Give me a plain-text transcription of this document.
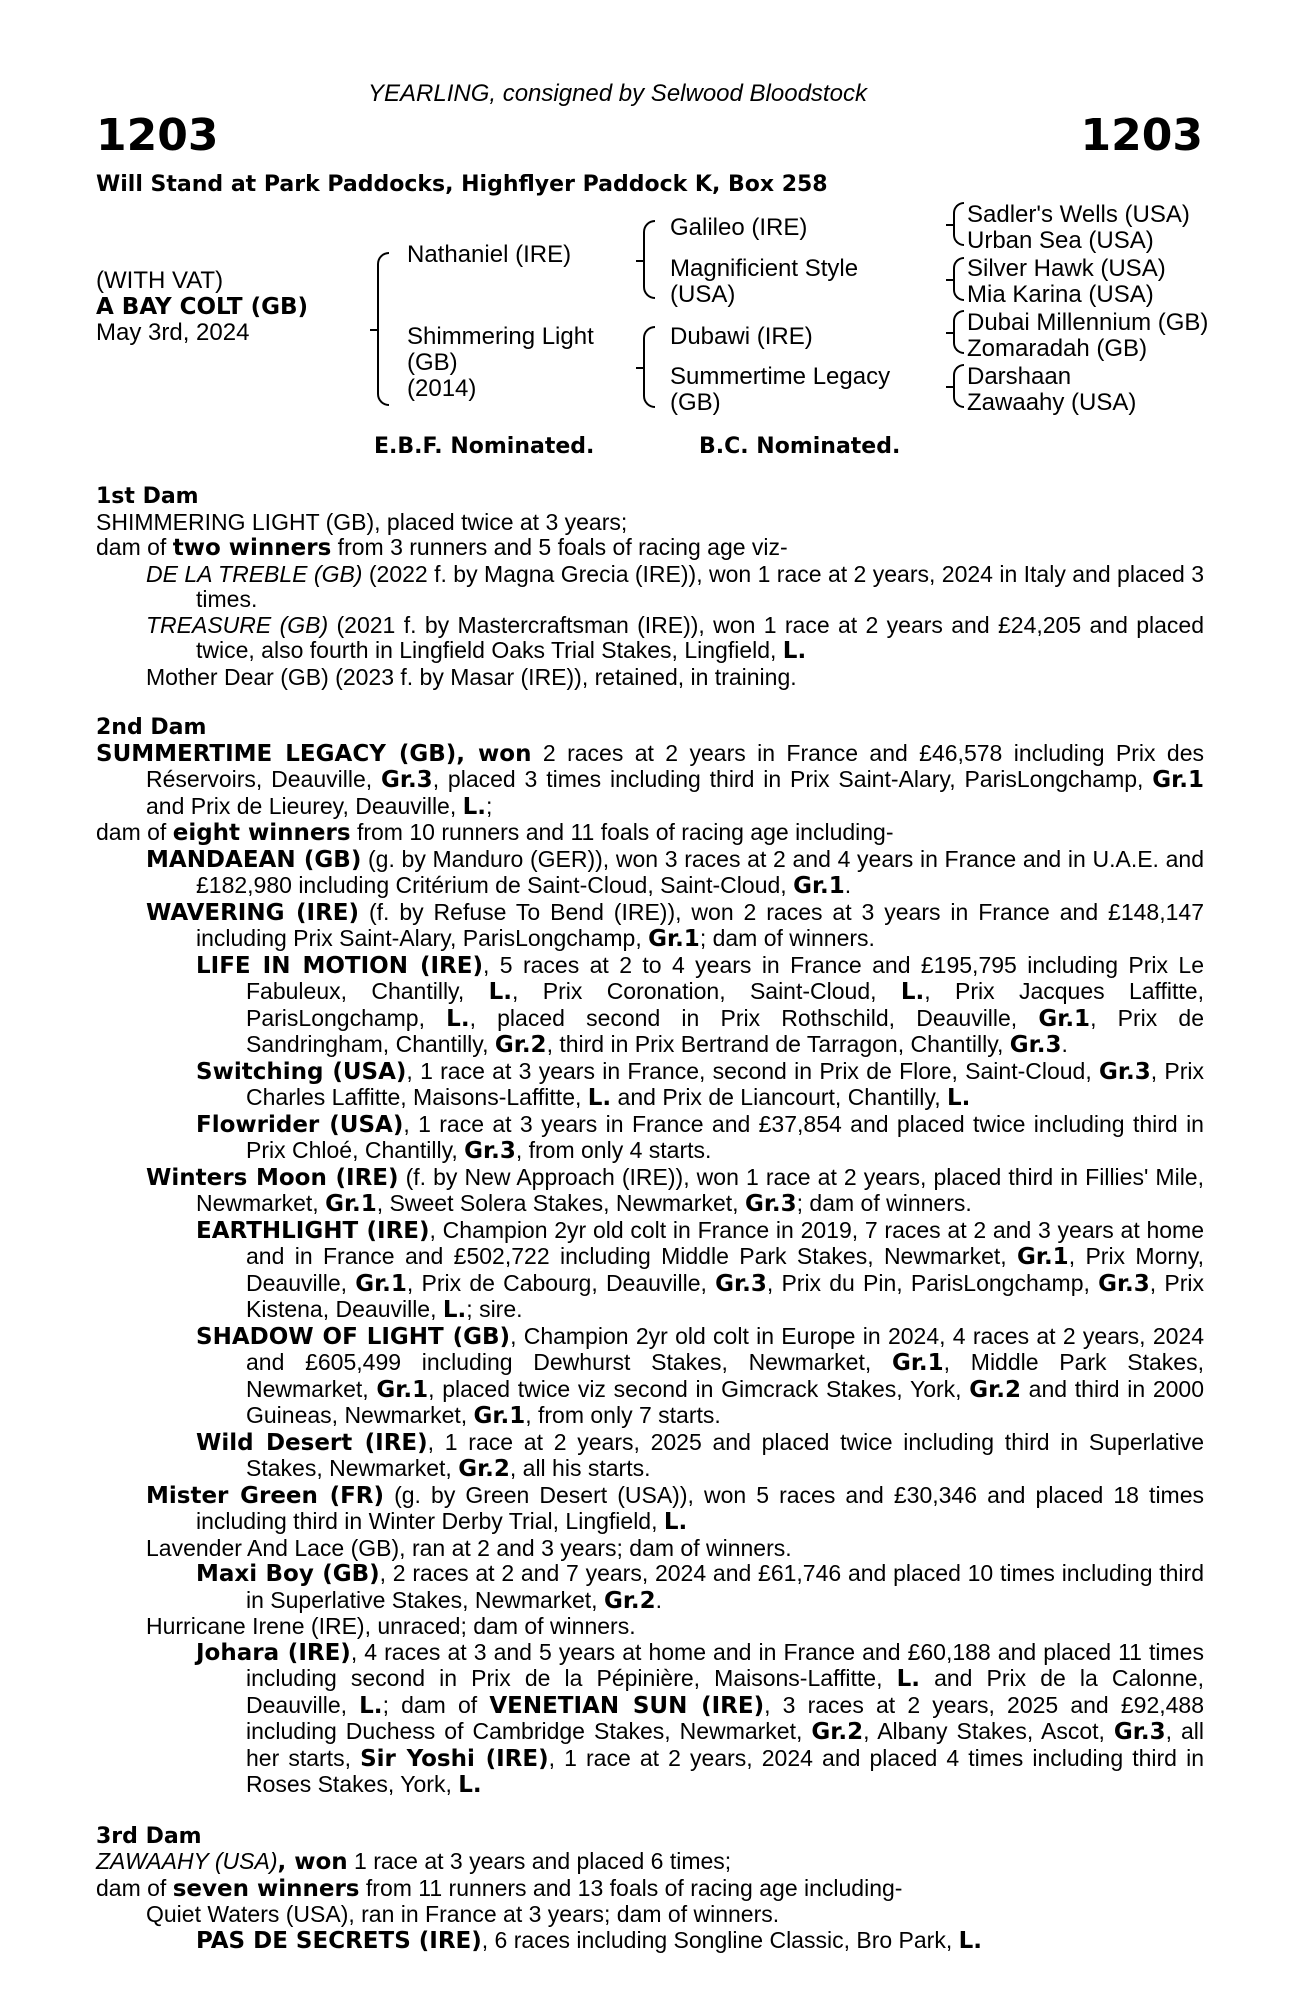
YEARLING, consigned by Selwood Bloodstock
1203	1203
Will Stand at Park Paddocks, Highflyer Paddock K, Box 258
(WITH VAT)
A BAY COLT (GB)
May 3rd, 2024
Nathaniel (IRE)
Shimmering Light
(GB)
(2014)
Galileo (IRE)
Magnificient Style
(USA)
Dubawi (IRE)
Summertime Legacy
(GB)
Sadler's Wells (USA)
Urban Sea (USA)
Silver Hawk (USA)
Mia Karina (USA)
Dubai Millennium (GB)
Zomaradah (GB)
Darshaan
Zawaahy (USA)
E.B.F. Nominated.	B.C. Nominated.

1st Dam

SHIMMERING LIGHT (GB), placed twice at 3 years;

dam of two winners from 3 runners and 5 foals of racing age viz-

DE LA TREBLE (GB) (2022 f. by Magna Grecia (IRE)), won 1 race at 2 years, 2024 in Italy and placed 3 times.

TREASURE (GB) (2021 f. by Mastercraftsman (IRE)), won 1 race at 2 years and £24,205 and placed twice, also fourth in Lingfield Oaks Trial Stakes, Lingfield, L.

Mother Dear (GB) (2023 f. by Masar (IRE)), retained, in training.

2nd Dam

SUMMERTIME LEGACY (GB), won 2 races at 2 years in France and £46,578 including Prix des Réservoirs, Deauville, Gr.3, placed 3 times including third in Prix Saint-Alary, ParisLongchamp, Gr.1 and Prix de Lieurey, Deauville, L.;

dam of eight winners from 10 runners and 11 foals of racing age including-

MANDAEAN (GB) (g. by Manduro (GER)), won 3 races at 2 and 4 years in France and in U.A.E. and £182,980 including Critérium de Saint-Cloud, Saint-Cloud, Gr.1.

WAVERING (IRE) (f. by Refuse To Bend (IRE)), won 2 races at 3 years in France and £148,147 including Prix Saint-Alary, ParisLongchamp, Gr.1; dam of winners.

LIFE IN MOTION (IRE), 5 races at 2 to 4 years in France and £195,795 including Prix Le Fabuleux, Chantilly, L., Prix Coronation, Saint-Cloud, L., Prix Jacques Laffitte, ParisLongchamp, L., placed second in Prix Rothschild, Deauville, Gr.1, Prix de Sandringham, Chantilly, Gr.2, third in Prix Bertrand de Tarragon, Chantilly, Gr.3.

Switching (USA), 1 race at 3 years in France, second in Prix de Flore, Saint-Cloud, Gr.3, Prix Charles Laffitte, Maisons-Laffitte, L. and Prix de Liancourt, Chantilly, L.

Flowrider (USA), 1 race at 3 years in France and £37,854 and placed twice including third in Prix Chloé, Chantilly, Gr.3, from only 4 starts.

Winters Moon (IRE) (f. by New Approach (IRE)), won 1 race at 2 years, placed third in Fillies' Mile, Newmarket, Gr.1, Sweet Solera Stakes, Newmarket, Gr.3; dam of winners.

EARTHLIGHT (IRE), Champion 2yr old colt in France in 2019, 7 races at 2 and 3 years at home and in France and £502,722 including Middle Park Stakes, Newmarket, Gr.1, Prix Morny, Deauville, Gr.1, Prix de Cabourg, Deauville, Gr.3, Prix du Pin, ParisLongchamp, Gr.3, Prix Kistena, Deauville, L.; sire.

SHADOW OF LIGHT (GB), Champion 2yr old colt in Europe in 2024, 4 races at 2 years, 2024 and £605,499 including Dewhurst Stakes, Newmarket, Gr.1, Middle Park Stakes, Newmarket, Gr.1, placed twice viz second in Gimcrack Stakes, York, Gr.2 and third in 2000 Guineas, Newmarket, Gr.1, from only 7 starts.

Wild Desert (IRE), 1 race at 2 years, 2025 and placed twice including third in Superlative Stakes, Newmarket, Gr.2, all his starts.

Mister Green (FR) (g. by Green Desert (USA)), won 5 races and £30,346 and placed 18 times including third in Winter Derby Trial, Lingfield, L.

Lavender And Lace (GB), ran at 2 and 3 years; dam of winners.

Maxi Boy (GB), 2 races at 2 and 7 years, 2024 and £61,746 and placed 10 times including third in Superlative Stakes, Newmarket, Gr.2.

Hurricane Irene (IRE), unraced; dam of winners.

Johara (IRE), 4 races at 3 and 5 years at home and in France and £60,188 and placed 11 times including second in Prix de la Pépinière, Maisons-Laffitte, L. and Prix de la Calonne, Deauville, L.; dam of VENETIAN SUN (IRE), 3 races at 2 years, 2025 and £92,488 including Duchess of Cambridge Stakes, Newmarket, Gr.2, Albany Stakes, Ascot, Gr.3, all her starts, Sir Yoshi (IRE), 1 race at 2 years, 2024 and placed 4 times including third in Roses Stakes, York, L.

3rd Dam

ZAWAAHY (USA), won 1 race at 3 years and placed 6 times;

dam of seven winners from 11 runners and 13 foals of racing age including-

Quiet Waters (USA), ran in France at 3 years; dam of winners.

PAS DE SECRETS (IRE), 6 races including Songline Classic, Bro Park, L.
